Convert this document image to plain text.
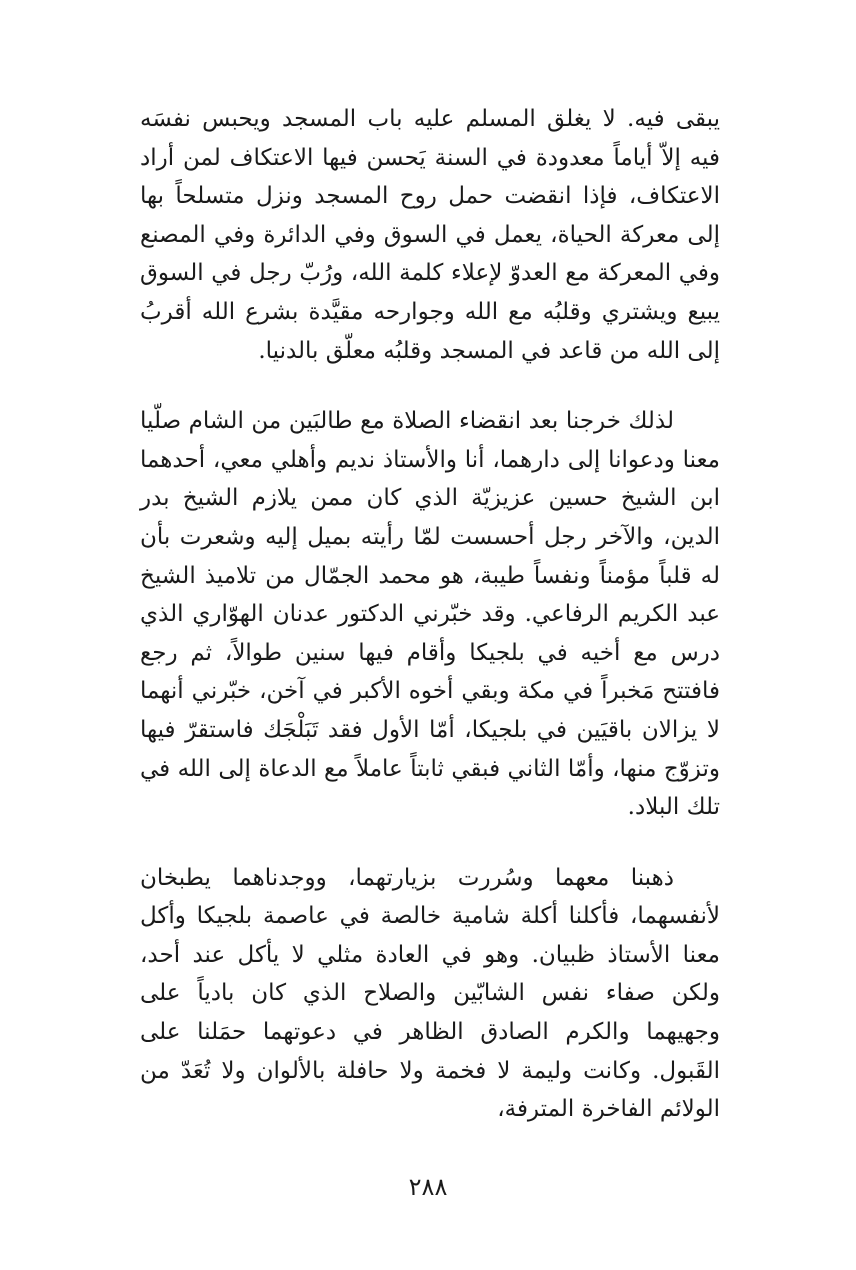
يبقى فيه. لا يغلق المسلم عليه باب المسجد ويحبس نفسَه فيه إلاّ أياماً معدودة في السنة يَحسن فيها الاعتكاف لمن أراد الاعتكاف، فإذا انقضت حمل روح المسجد ونزل متسلحاً بها إلى معركة الحياة، يعمل في السوق وفي الدائرة وفي المصنع وفي المعركة مع العدوّ لإعلاء كلمة الله، ورُبّ رجل في السوق يبيع ويشتري وقلبُه مع الله وجوارحه مقيَّدة بشرع الله أقربُ إلى الله من قاعد في المسجد وقلبُه معلّق بالدنيا.

لذلك خرجنا بعد انقضاء الصلاة مع طالبَين من الشام صلّيا معنا ودعوانا إلى دارهما، أنا والأستاذ نديم وأهلي معي، أحدهما ابن الشيخ حسين عزيزيّة الذي كان ممن يلازم الشيخ بدر الدين، والآخر رجل أحسست لمّا رأيته بميل إليه وشعرت بأن له قلباً مؤمناً ونفساً طيبة، هو محمد الجمّال من تلاميذ الشيخ عبد الكريم الرفاعي. وقد خبّرني الدكتور عدنان الهوّاري الذي درس مع أخيه في بلجيكا وأقام فيها سنين طوالاً، ثم رجع فافتتح مَخبراً في مكة وبقي أخوه الأكبر في آخن، خبّرني أنهما لا يزالان باقيَين في بلجيكا، أمّا الأول فقد تَبَلْجَك فاستقرّ فيها وتزوّج منها، وأمّا الثاني فبقي ثابتاً عاملاً مع الدعاة إلى الله في تلك البلاد.

ذهبنا معهما وسُررت بزيارتهما، ووجدناهما يطبخان لأنفسهما، فأكلنا أكلة شامية خالصة في عاصمة بلجيكا وأكل معنا الأستاذ ظبيان. وهو في العادة مثلي لا يأكل عند أحد، ولكن صفاء نفس الشابّين والصلاح الذي كان بادياً على وجهيهما والكرم الصادق الظاهر في دعوتهما حمَلنا على القَبول. وكانت وليمة لا فخمة ولا حافلة بالألوان ولا تُعَدّ من الولائم الفاخرة المترفة،

٢٨٨
